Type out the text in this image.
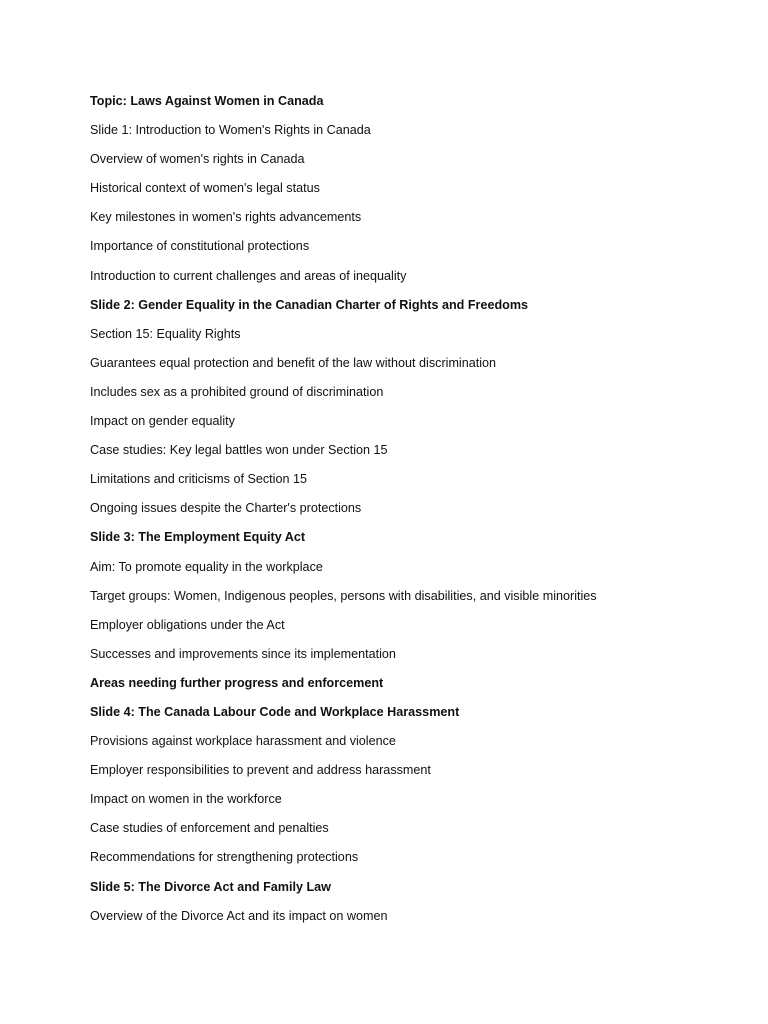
Topic: Laws Against Women in Canada
Slide 1: Introduction to Women's Rights in Canada
Overview of women's rights in Canada
Historical context of women's legal status
Key milestones in women's rights advancements
Importance of constitutional protections
Introduction to current challenges and areas of inequality
Slide 2: Gender Equality in the Canadian Charter of Rights and Freedoms
Section 15: Equality Rights
Guarantees equal protection and benefit of the law without discrimination
Includes sex as a prohibited ground of discrimination
Impact on gender equality
Case studies: Key legal battles won under Section 15
Limitations and criticisms of Section 15
Ongoing issues despite the Charter's protections
Slide 3: The Employment Equity Act
Aim: To promote equality in the workplace
Target groups: Women, Indigenous peoples, persons with disabilities, and visible minorities
Employer obligations under the Act
Successes and improvements since its implementation
Areas needing further progress and enforcement
Slide 4: The Canada Labour Code and Workplace Harassment
Provisions against workplace harassment and violence
Employer responsibilities to prevent and address harassment
Impact on women in the workforce
Case studies of enforcement and penalties
Recommendations for strengthening protections
Slide 5: The Divorce Act and Family Law
Overview of the Divorce Act and its impact on women
